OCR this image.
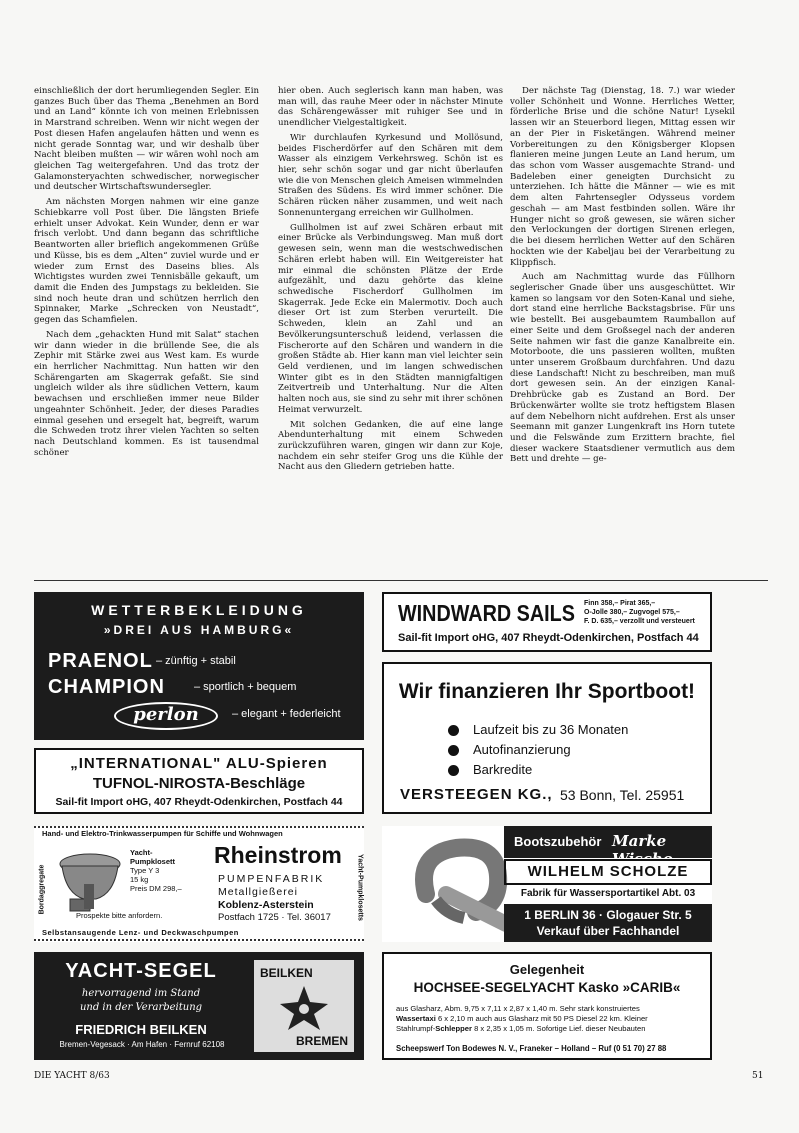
einschließlich der dort herumliegenden Segler. Ein ganzes Buch über das Thema „Benehmen an Bord und an Land“ könnte ich von meinen Erlebnissen in Marstrand schreiben. Wenn wir nicht wegen der Post diesen Hafen angelaufen hätten und wenn es nicht gerade Sonntag war, und wir deshalb über Nacht bleiben mußten — wir wären wohl noch am gleichen Tag weitergefahren. Und das trotz der Galamonsteryachten schwedischer, norwegischer und deutscher Wirtschaftswundersegler.

Am nächsten Morgen nahmen wir eine ganze Schiebkarre voll Post über. Die längsten Briefe erhielt unser Advokat. Kein Wunder, denn er war frisch verlobt. Und dann begann das schriftliche Beantworten aller brieflich angekommenen Grüße und Küsse, bis es dem „Alten“ zuviel wurde und er wieder zum Ernst des Daseins blies. Als Wichtigstes wurden zwei Tennisbälle gekauft, um damit die Enden des Jumpstags zu bekleiden. Sie sind noch heute dran und schützen herrlich den Spinnaker, Marke „Schrecken von Neustadt“, gegen das Schamfielen.

Nach dem „gehackten Hund mit Salat“ stachen wir dann wieder in die brüllende See, die als Zephir mit Stärke zwei aus West kam. Es wurde ein herrlicher Nachmittag. Nun hatten wir den Schärengarten am Skagerrak gefaßt. Sie sind ungleich wilder als ihre südlichen Vettern, kaum bewachsen und erschließen immer neue Bilder ungeahnter Schönheit. Jeder, der dieses Paradies einmal gesehen und ersegelt hat, begreift, warum die Schweden trotz ihrer vielen Yachten so selten nach Deutschland kommen. Es ist tausendmal schöner

hier oben. Auch seglerisch kann man haben, was man will, das rauhe Meer oder in nächster Minute das Schärengewässer mit ruhiger See und in unendlicher Vielgestaltigkeit.

Wir durchlaufen Kyrkesund und Mollösund, beides Fischerdörfer auf den Schären mit dem Wasser als einzigem Verkehrsweg. Schön ist es hier, sehr schön sogar und gar nicht überlaufen wie die von Menschen gleich Ameisen wimmelnden Straßen des Südens. Es wird immer schöner. Die Schären rücken näher zusammen, und weit nach Sonnenuntergang erreichen wir Gullholmen.

Gullholmen ist auf zwei Schären erbaut mit einer Brücke als Verbindungsweg. Man muß dort gewesen sein, wenn man die westschwedischen Schären erlebt haben will. Ein Weitgereister hat mir einmal die schönsten Plätze der Erde aufgezählt, und dazu gehörte das kleine schwedische Fischerdorf Gullholmen im Skagerrak. Jede Ecke ein Malermotiv. Doch auch dieser Ort ist zum Sterben verurteilt. Die Schweden, klein an Zahl und an Bevölkerungsunterschuß leidend, verlassen die Fischerorte auf den Schären und wandern in die großen Städte ab. Hier kann man viel leichter sein Geld verdienen, und im langen schwedischen Winter gibt es in den Städten mannigfaltigen Zeitvertreib und Unterhaltung. Nur die Alten halten noch aus, sie sind zu sehr mit ihrer schönen Heimat verwurzelt.

Mit solchen Gedanken, die auf eine lange Abendunterhaltung mit einem Schweden zurückzuführen waren, gingen wir dann zur Koje, nachdem ein sehr steifer Grog uns die Kühle der Nacht aus den Gliedern getrieben hatte.

Der nächste Tag (Dienstag, 18. 7.) war wieder voller Schönheit und Wonne. Herrliches Wetter, förderliche Brise und die schöne Natur! Lysekil lassen wir an Steuerbord liegen, Mittag essen wir an der Pier in Fisketängen. Während meiner Vorbereitungen zu den Königsberger Klopsen flanieren meine jungen Leute an Land herum, um das schon vom Wasser ausgemachte Strand- und Badeleben einer geneigten Durchsicht zu unterziehen. Ich hätte die Männer — wie es mit dem alten Fahrtensegler Odysseus vordem geschah — am Mast festbinden sollen. Wäre ihr Hunger nicht so groß gewesen, sie wären sicher den Verlockungen der dortigen Sirenen erlegen, die bei diesem herrlichen Wetter auf den Schären hockten wie der Kabeljau bei der Verarbeitung zu Klippfisch.

Auch am Nachmittag wurde das Füllhorn seglerischer Gnade über uns ausgeschüttet. Wir kamen so langsam vor den Soten-Kanal und siehe, dort stand eine herrliche Backstagsbrise. Für uns wie bestellt. Bei ausgebaumtem Raumballon auf einer Seite und dem Großsegel nach der anderen Seite nahmen wir fast die ganze Kanalbreite ein. Motorboote, die uns passieren wollten, mußten unter unserem Großbaum durchfahren. Und dazu diese Landschaft! Nicht zu beschreiben, man muß dort gewesen sein. An der einzigen Kanal-Drehbrücke gab es Zustand an Bord. Der Brückenwärter wollte sie trotz heftigstem Blasen auf dem Nebelhorn nicht aufdrehen. Erst als unser Seemann mit ganzer Lungenkraft ins Horn tutete und die Felswände zum Erzittern brachte, fiel dieser wackere Staatsdiener vermutlich aus dem Bett und drehte — ge-

WETTERBEKLEIDUNG
»DREI AUS HAMBURG«
PRAENOL – zünftig + stabil
CHAMPION	– sportlich + bequem
perlon	– elegant + federleicht
WINDWARD SAILS Finn 358,– Pirat 365,–
O-Jolle 380,– Zugvogel 575,–
F. D. 635,– verzollt und versteuert
Sail-fit Import oHG, 407 Rheydt-Odenkirchen, Postfach 44
„INTERNATIONAL" ALU-Spieren
TUFNOL-NIROSTA-Beschläge
Sail-fit Import oHG, 407 Rheydt-Odenkirchen, Postfach 44
Wir finanzieren Ihr Sportboot!
Laufzeit bis zu 36 Monaten
Autofinanzierung
Barkredite
VERSTEEGEN KG., 53 Bonn, Tel. 25951
Hand- und Elektro-Trinkwasserpumpen für Schiffe und Wohnwagen
Bordaggregate	Yacht-Pumpklosetts
Yacht-
Pumpklosett
Type Y 3
15 kg
Preis DM 298,–
Prospekte bitte anfordern.
Rheinstrom
PUMPENFABRIK
Metallgießerei
Koblenz-Asterstein
Postfach 1725 · Tel. 36017
Selbstansaugende Lenz- und Deckwaschpumpen
Bootszubehör Marke Wischo
WILHELM SCHOLZE
Fabrik für Wassersportartikel Abt. 03
1 BERLIN 36 · Glogauer Str. 5
Verkauf über Fachhandel
YACHT-SEGEL
hervorragend im Stand
und in der Verarbeitung
FRIEDRICH BEILKEN
Bremen-Vegesack · Am Hafen · Fernruf 62108
BEILKEN
BREMEN
Gelegenheit
HOCHSEE-SEGELYACHT Kasko »CARIB«
aus Glasharz, Abm. 9,75 x 7,11 x 2,87 x 1,40 m. Sehr stark konstruiertes
Wassertaxi 6 x 2,10 m auch aus Glasharz mit 50 PS Diesel 22 km. Kleiner
Stahlrumpf-Schlepper 8 x 2,35 x 1,05 m. Sofortige Lief. dieser Neubauten
Scheepswerf Ton Bodewes N. V., Franeker – Holland – Ruf (0 51 70) 27 88
DIE YACHT 8/63	51
